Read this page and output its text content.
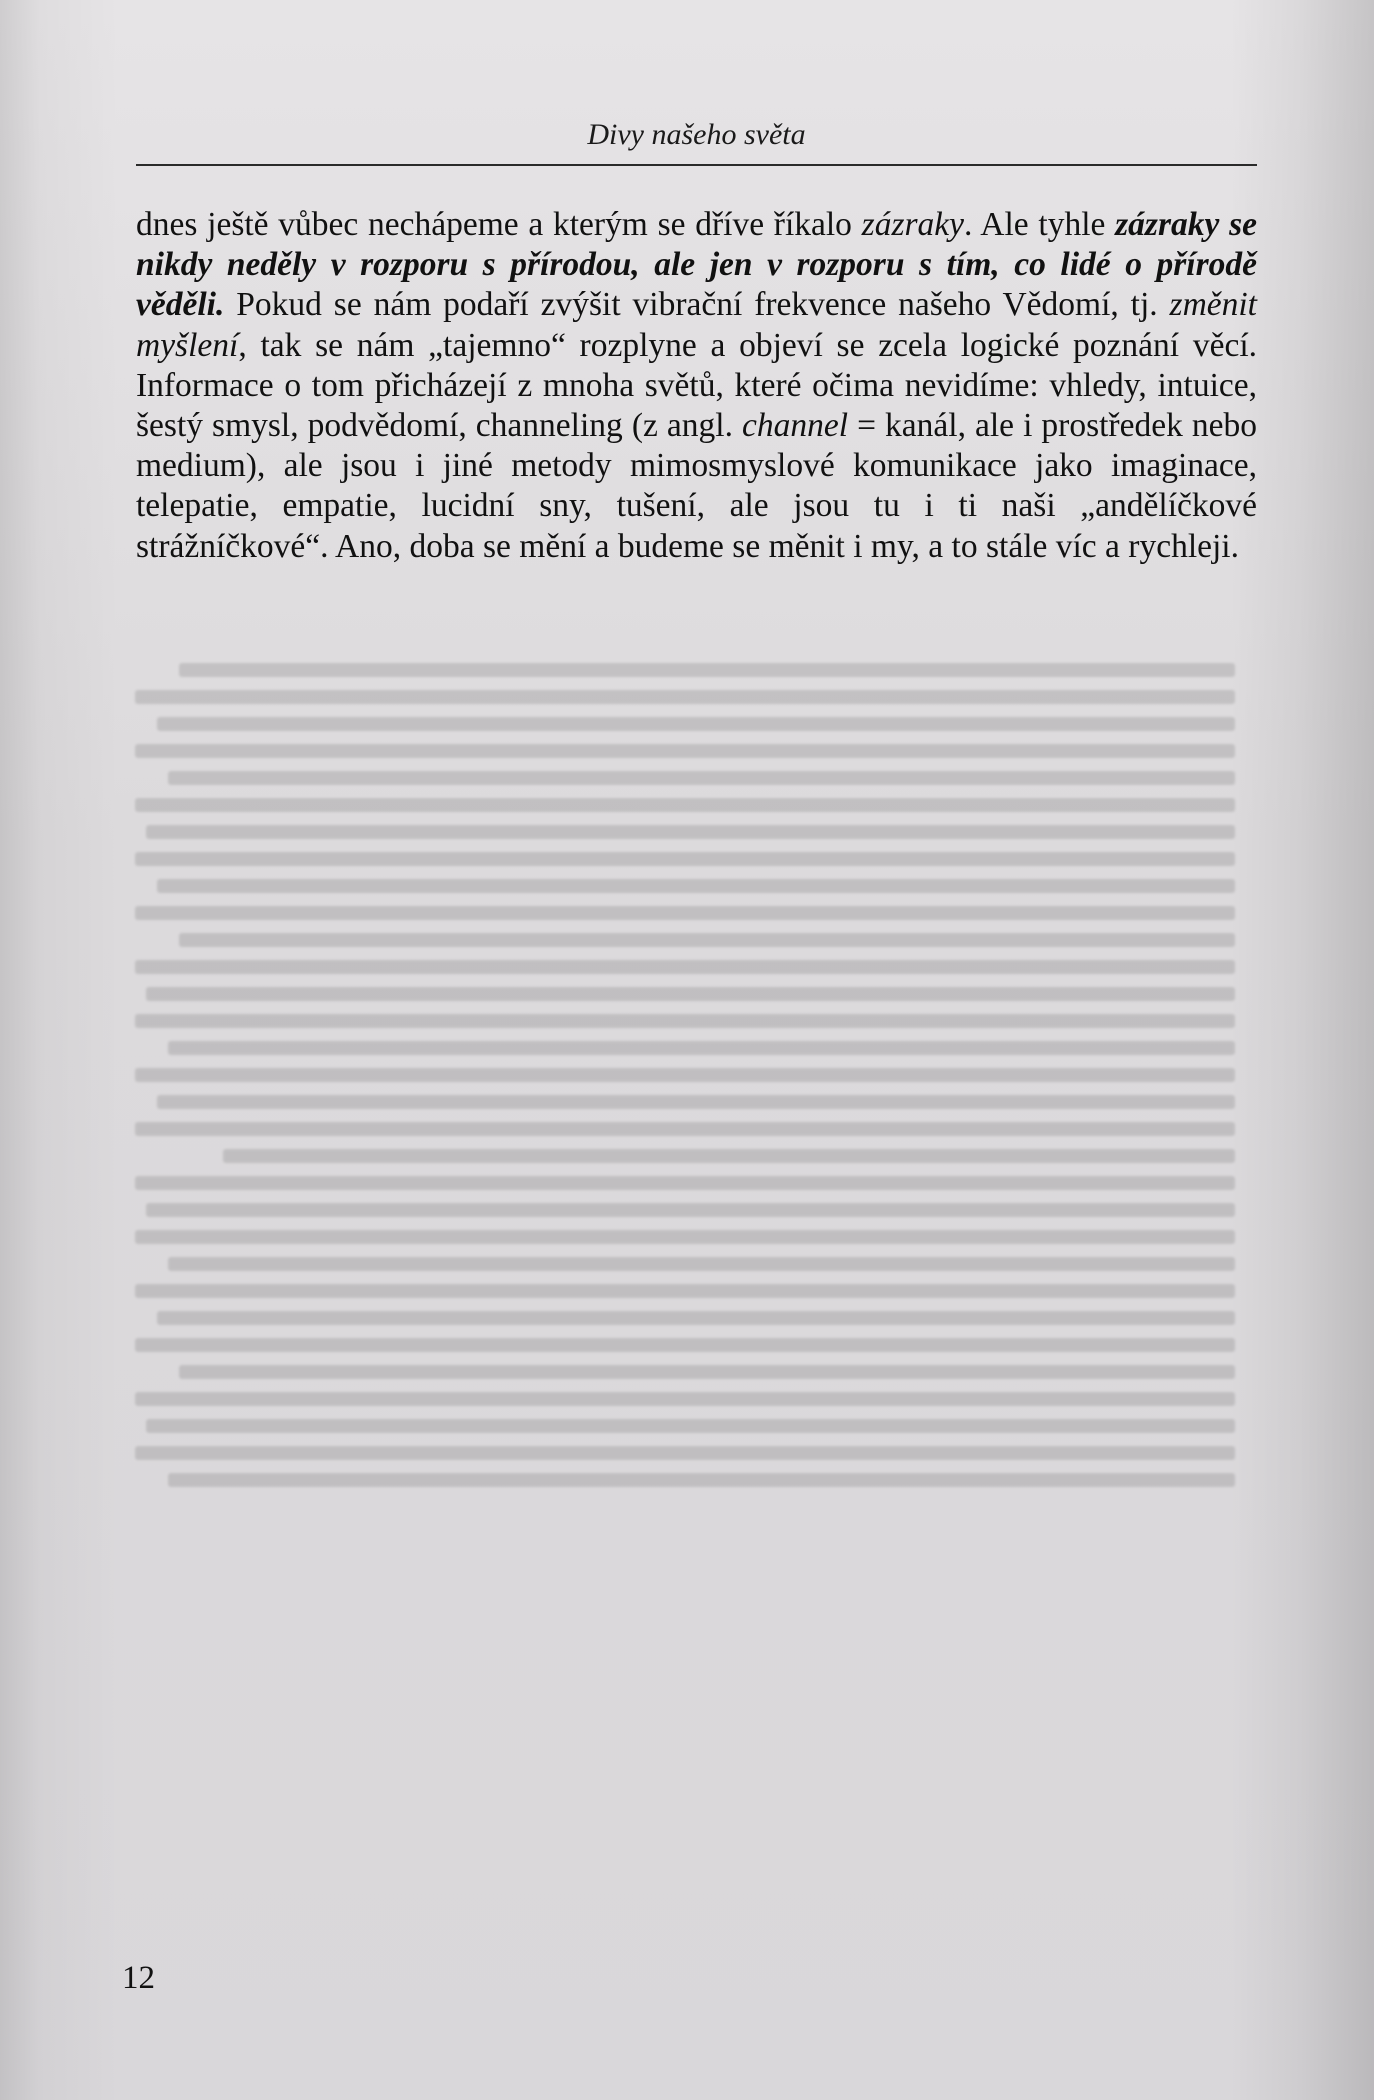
Divy našeho světa

dnes ještě vůbec nechápeme a kterým se dříve říkalo zázraky. Ale tyhle zázraky se nikdy neděly v rozporu s přírodou, ale jen v rozporu s tím, co lidé o přírodě věděli. Pokud se nám podaří zvýšit vibrační frekvence našeho Vědomí, tj. změnit myšlení, tak se nám „tajemno“ rozplyne a objeví se zcela logické poznání věcí. Informace o tom přicházejí z mnoha světů, které očima nevidíme: vhledy, intuice, šestý smysl, podvědomí, channeling (z angl. channel = kanál, ale i prostředek nebo medium), ale jsou i jiné metody mimosmyslové komunikace jako imaginace, telepatie, empatie, lucidní sny, tušení, ale jsou tu i ti naši „andělíčkové strážníčkové“. Ano, doba se mění a budeme se měnit i my, a to stále víc a rychleji.

12
